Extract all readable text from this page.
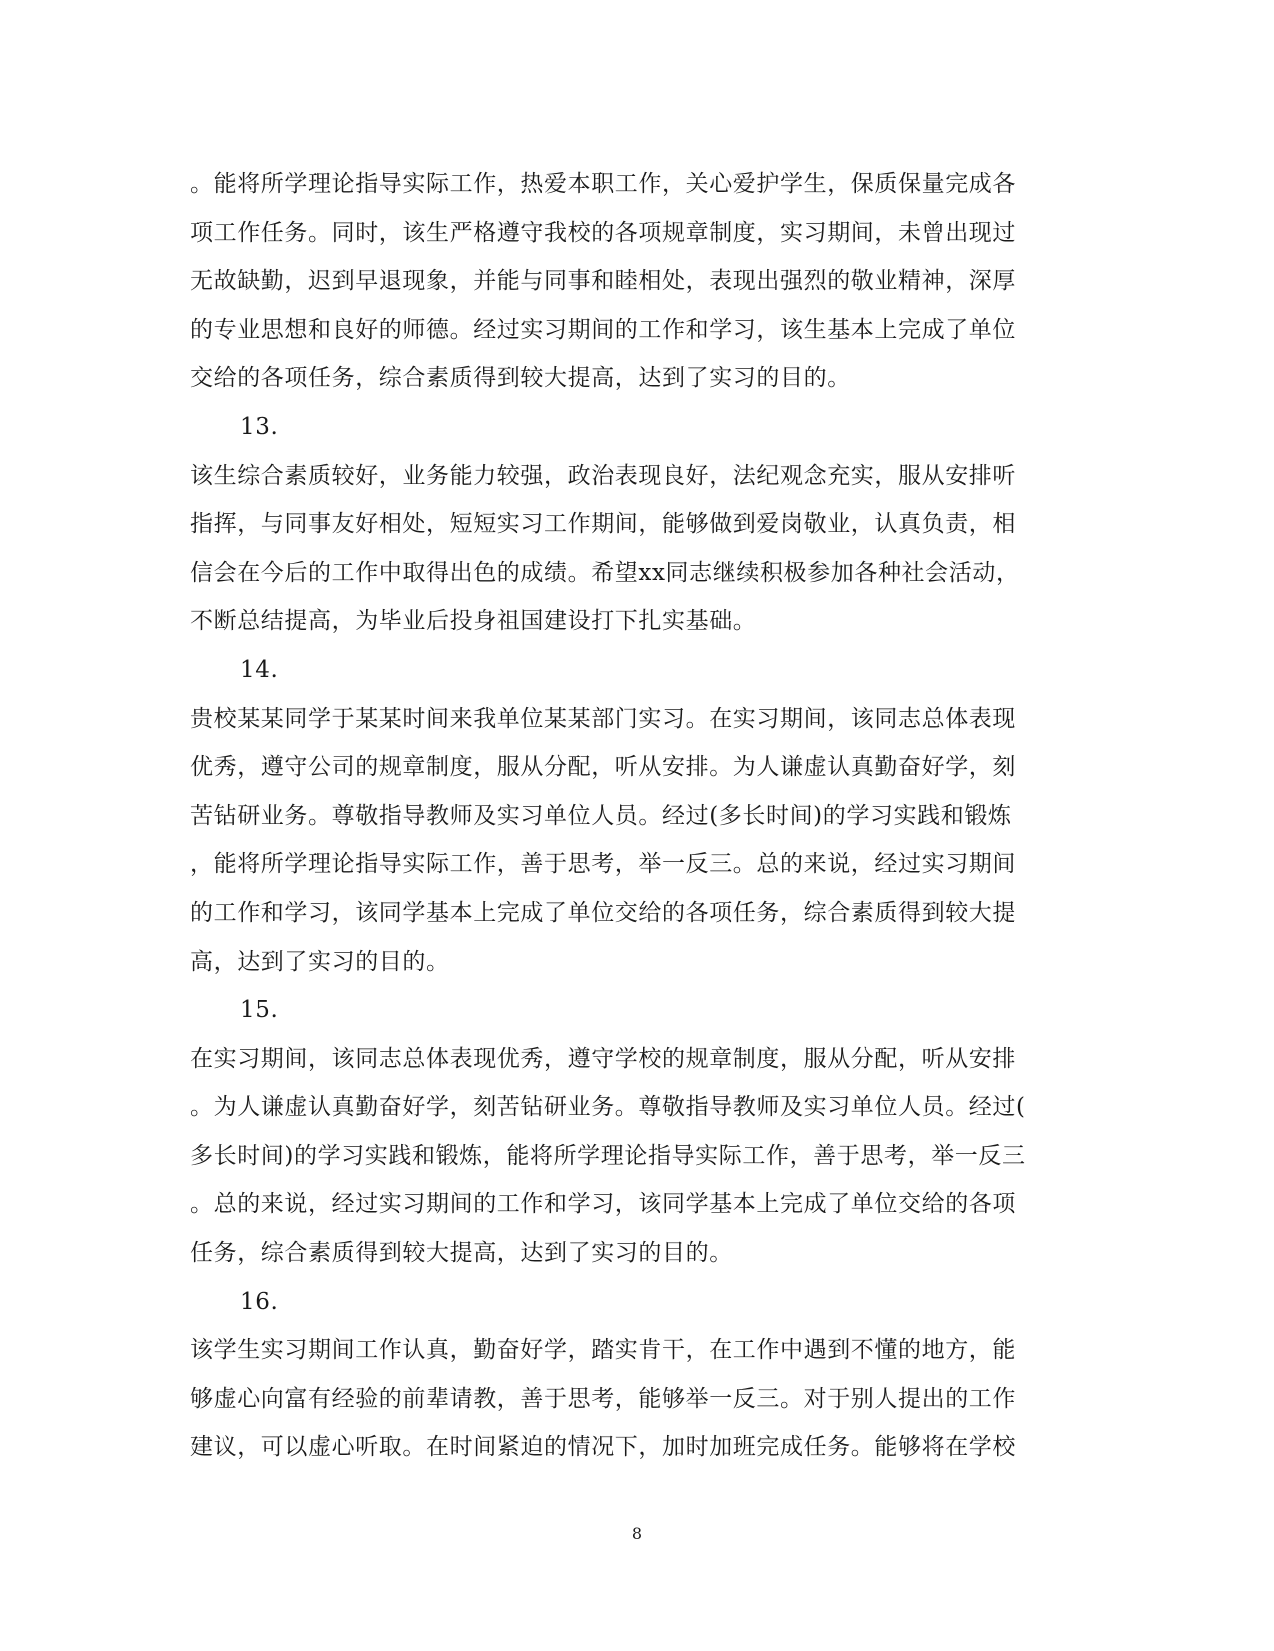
。能将所学理论指导实际工作，热爱本职工作，关心爱护学生，保质保量完成各
项工作任务。同时，该生严格遵守我校的各项规章制度，实习期间，未曾出现过
无故缺勤，迟到早退现象，并能与同事和睦相处，表现出强烈的敬业精神，深厚
的专业思想和良好的师德。经过实习期间的工作和学习，该生基本上完成了单位
交给的各项任务，综合素质得到较大提高，达到了实习的目的。
13.
该生综合素质较好，业务能力较强，政治表现良好，法纪观念充实，服从安排听
指挥，与同事友好相处，短短实习工作期间，能够做到爱岗敬业，认真负责，相
信会在今后的工作中取得出色的成绩。希望xx同志继续积极参加各种社会活动，
不断总结提高，为毕业后投身祖国建设打下扎实基础。
14.
贵校某某同学于某某时间来我单位某某部门实习。在实习期间，该同志总体表现
优秀，遵守公司的规章制度，服从分配，听从安排。为人谦虚认真勤奋好学，刻
苦钻研业务。尊敬指导教师及实习单位人员。经过(多长时间)的学习实践和锻炼
，能将所学理论指导实际工作，善于思考，举一反三。总的来说，经过实习期间
的工作和学习，该同学基本上完成了单位交给的各项任务，综合素质得到较大提
高，达到了实习的目的。
15.
在实习期间，该同志总体表现优秀，遵守学校的规章制度，服从分配，听从安排
。为人谦虚认真勤奋好学，刻苦钻研业务。尊敬指导教师及实习单位人员。经过(
多长时间)的学习实践和锻炼，能将所学理论指导实际工作，善于思考，举一反三
。总的来说，经过实习期间的工作和学习，该同学基本上完成了单位交给的各项
任务，综合素质得到较大提高，达到了实习的目的。
16.
该学生实习期间工作认真，勤奋好学，踏实肯干，在工作中遇到不懂的地方，能
够虚心向富有经验的前辈请教，善于思考，能够举一反三。对于别人提出的工作
建议，可以虚心听取。在时间紧迫的情况下，加时加班完成任务。能够将在学校
8
